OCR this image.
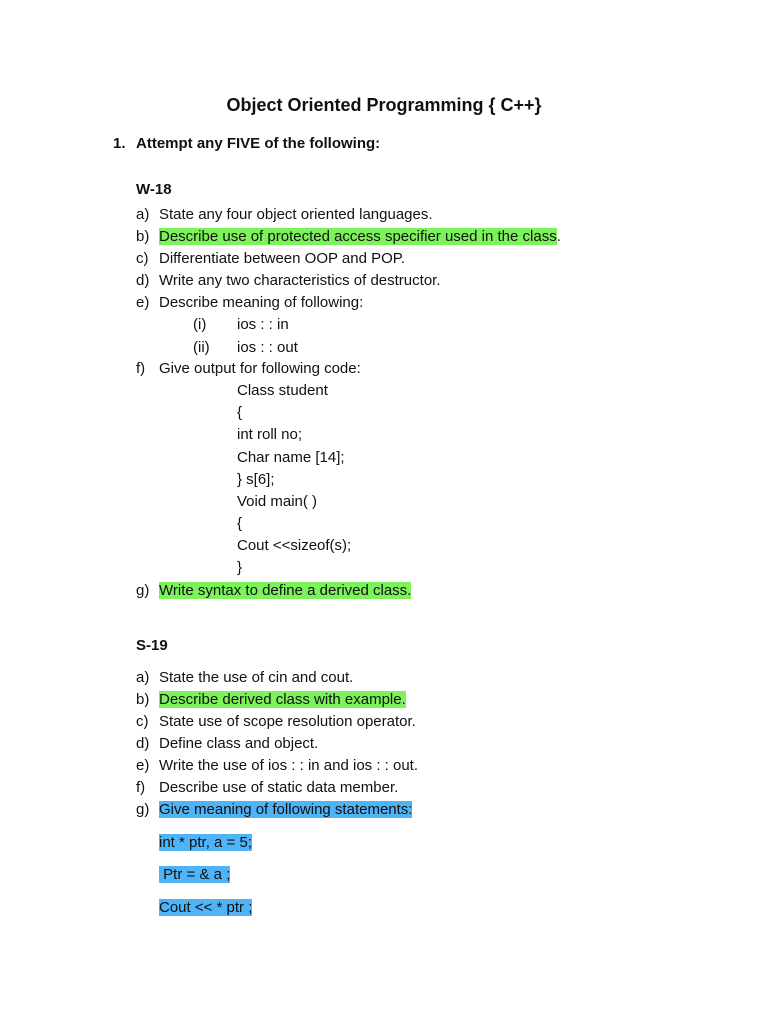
Object Oriented Programming { C++}
1. Attempt any FIVE of the following:
W-18
a) State any four object oriented languages.
b) Describe use of protected access specifier used in the class.
c) Differentiate between OOP and POP.
d) Write any two characteristics of destructor.
e) Describe meaning of following:
(i) ios : : in
(ii) ios : : out
f) Give output for following code:
Class student
{
int roll no;
Char name [14];
} s[6];
Void main( )
{
Cout <<sizeof(s);
}
g) Write syntax to define a derived class.
S-19
a) State the use of cin and cout.
b) Describe derived class with example.
c) State use of scope resolution operator.
d) Define class and object.
e) Write the use of ios : : in and ios : : out.
f) Describe use of static data member.
g) Give meaning of following statements:
int * ptr, a = 5;
Ptr = & a ;
Cout << * ptr ;
